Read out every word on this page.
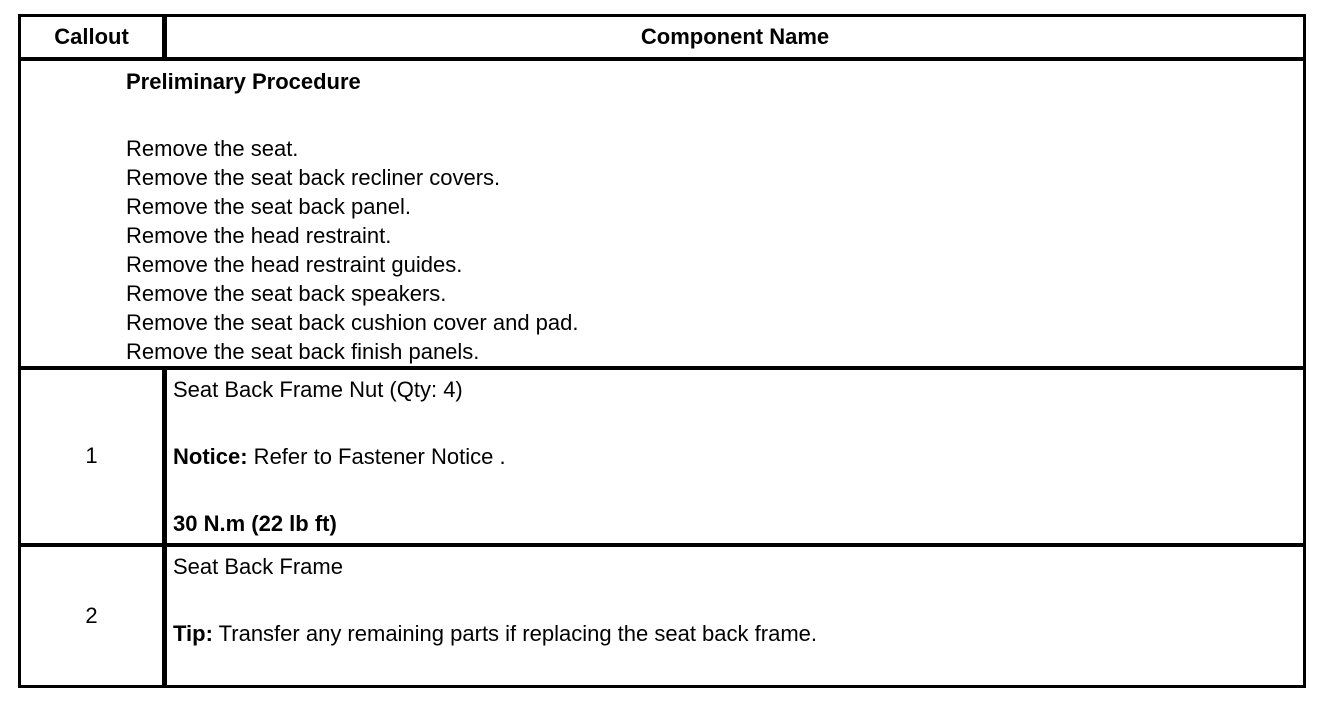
Callout	Component Name
Preliminary Procedure
Remove the seat.
Remove the seat back recliner covers.
Remove the seat back panel.
Remove the head restraint.
Remove the head restraint guides.
Remove the seat back speakers.
Remove the seat back cushion cover and pad.
Remove the seat back finish panels.
1
Seat Back Frame Nut (Qty: 4)
Notice: Refer to Fastener Notice .
30 N.m (22 lb ft)
2
Seat Back Frame
Tip: Transfer any remaining parts if replacing the seat back frame.
